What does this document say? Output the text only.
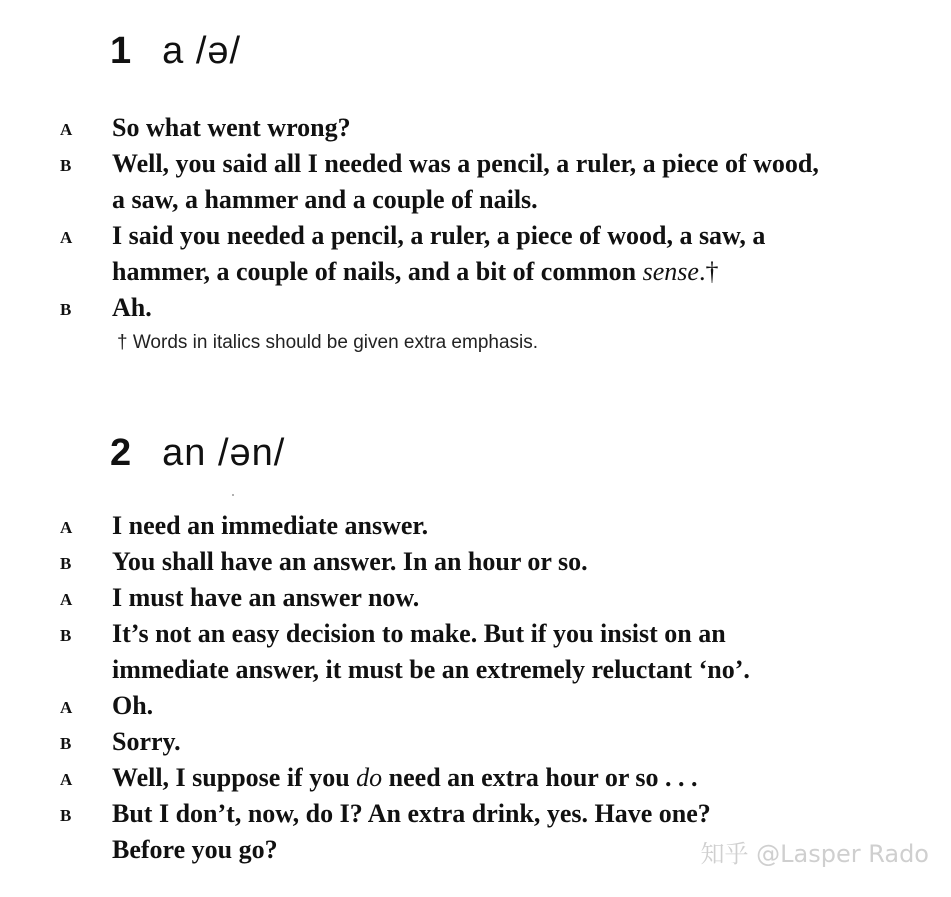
1 a /ə/
A	So what went wrong?
B	Well, you said all I needed was a pencil, a ruler, a piece of wood,
a saw, a hammer and a couple of nails.
A	I said you needed a pencil, a ruler, a piece of wood, a saw, a
hammer, a couple of nails, and a bit of common sense.†
B	Ah.
† Words in italics should be given extra emphasis.
2 an /ən/
A	I need an immediate answer.
B	You shall have an answer. In an hour or so.
A	I must have an answer now.
B	It’s not an easy decision to make. But if you insist on an
immediate answer, it must be an extremely reluctant ‘no’.
A	Oh.
B	Sorry.
A	Well, I suppose if you do need an extra hour or so . . .
B	But I don’t, now, do I? An extra drink, yes. Have one?
Before you go?	知乎 @Lasper Rado
